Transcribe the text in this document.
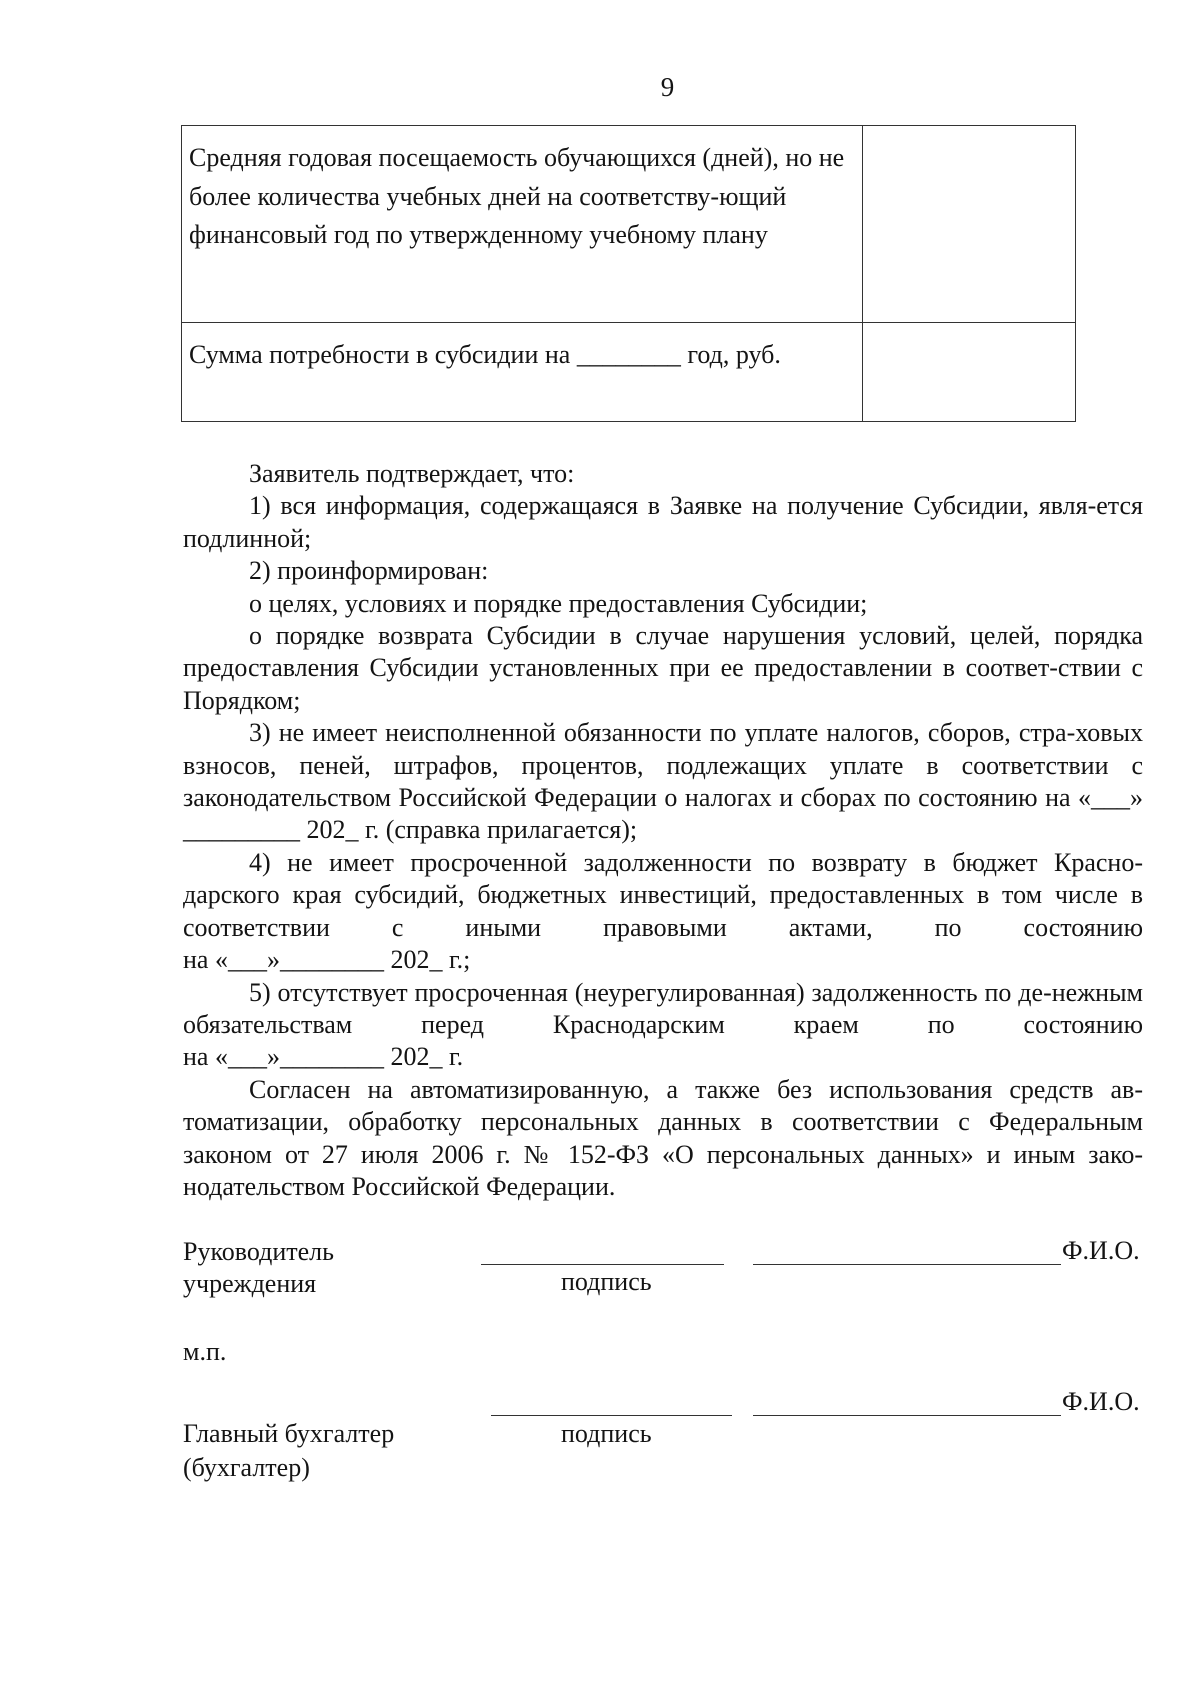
9
Средняя годовая посещаемость обучающихся (дней), но не более количества учебных дней на соответству-ющий финансовый год по утвержденному учебному плану	
Сумма потребности в субсидии на ________ год, руб.	

Заявитель подтверждает, что:

1) вся информация, содержащаяся в Заявке на получение Субсидии, явля-ется подлинной;

2) проинформирован:

о целях, условиях и порядке предоставления Субсидии;

о порядке возврата Субсидии в случае нарушения условий, целей, порядка предоставления Субсидии установленных при ее предоставлении в соответ-ствии с Порядком;

3) не имеет неисполненной обязанности по уплате налогов, сборов, стра-ховых взносов, пеней, штрафов, процентов, подлежащих уплате в соответствии с законодательством Российской Федерации о налогах и сборах по состоянию на «___» _________ 202_ г. (справка прилагается);

4) не имеет просроченной задолженности по возврату в бюджет Красно-дарского края субсидий, бюджетных инвестиций, предоставленных в том числе в соответствии с иными правовыми актами, по состоянию

на «___»________ 202_ г.;

5) отсутствует просроченная (неурегулированная) задолженность по де-нежным обязательствам перед Краснодарским краем по состоянию

на «___»________ 202_ г.

Согласен на автоматизированную, а также без использования средств ав-томатизации, обработку персональных данных в соответствии с Федеральным законом от 27 июля 2006 г. № 152-ФЗ «О персональных данных» и иным зако-нодательством Российской Федерации.

Руководитель
учреждения	подпись
Ф.И.О.
м.п.
Ф.И.О.
Главный бухгалтер	подпись
(бухгалтер)
